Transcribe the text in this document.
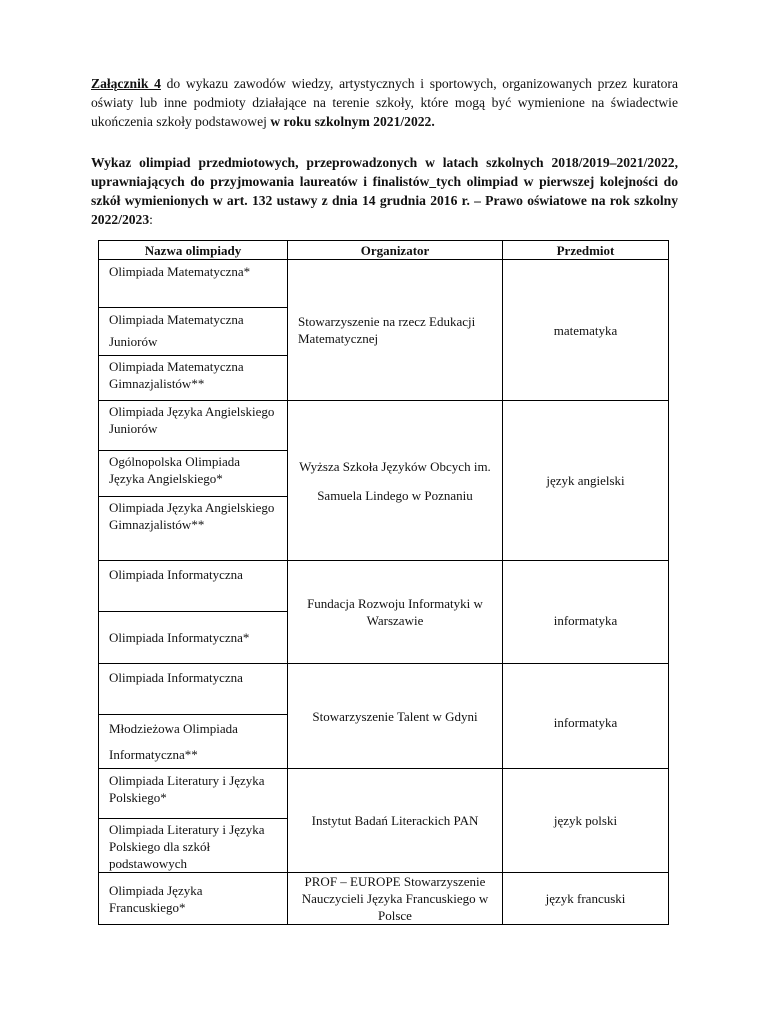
Załącznik 4 do wykazu zawodów wiedzy, artystycznych i sportowych, organizowanych przez kuratora oświaty lub inne podmioty działające na terenie szkoły, które mogą być wymienione na świadectwie ukończenia szkoły podstawowej w roku szkolnym 2021/2022.

Wykaz olimpiad przedmiotowych, przeprowadzonych w latach szkolnych 2018/2019–2021/2022, uprawniających do przyjmowania laureatów i finalistów_tych olimpiad w pierwszej kolejności do szkół wymienionych w art. 132 ustawy z dnia 14 grudnia 2016 r. – Prawo oświatowe na rok szkolny 2022/2023:

Nazwa olimpiady	Organizator	Przedmiot
Olimpiada Matematyczna*	Stowarzyszenie na rzecz Edukacji Matematycznej	matematyka
Olimpiada Matematyczna Juniorów		
Olimpiada Matematyczna Gimnazjalistów**		
Olimpiada Języka Angielskiego Juniorów	Wyższa Szkoła Języków Obcych im. Samuela Lindego w Poznaniu	język angielski
Ogólnopolska Olimpiada Języka Angielskiego*		
Olimpiada Języka Angielskiego Gimnazjalistów**		
Olimpiada Informatyczna	Fundacja Rozwoju Informatyki w Warszawie	informatyka
Olimpiada Informatyczna*		
Olimpiada Informatyczna	Stowarzyszenie Talent w Gdyni	informatyka
Młodzieżowa Olimpiada Informatyczna**		
Olimpiada Literatury i Języka Polskiego*	Instytut Badań Literackich PAN	język polski
Olimpiada Literatury i Języka Polskiego dla szkół podstawowych		
Olimpiada Języka Francuskiego*	PROF – EUROPE Stowarzyszenie Nauczycieli Języka Francuskiego w Polsce	język francuski
